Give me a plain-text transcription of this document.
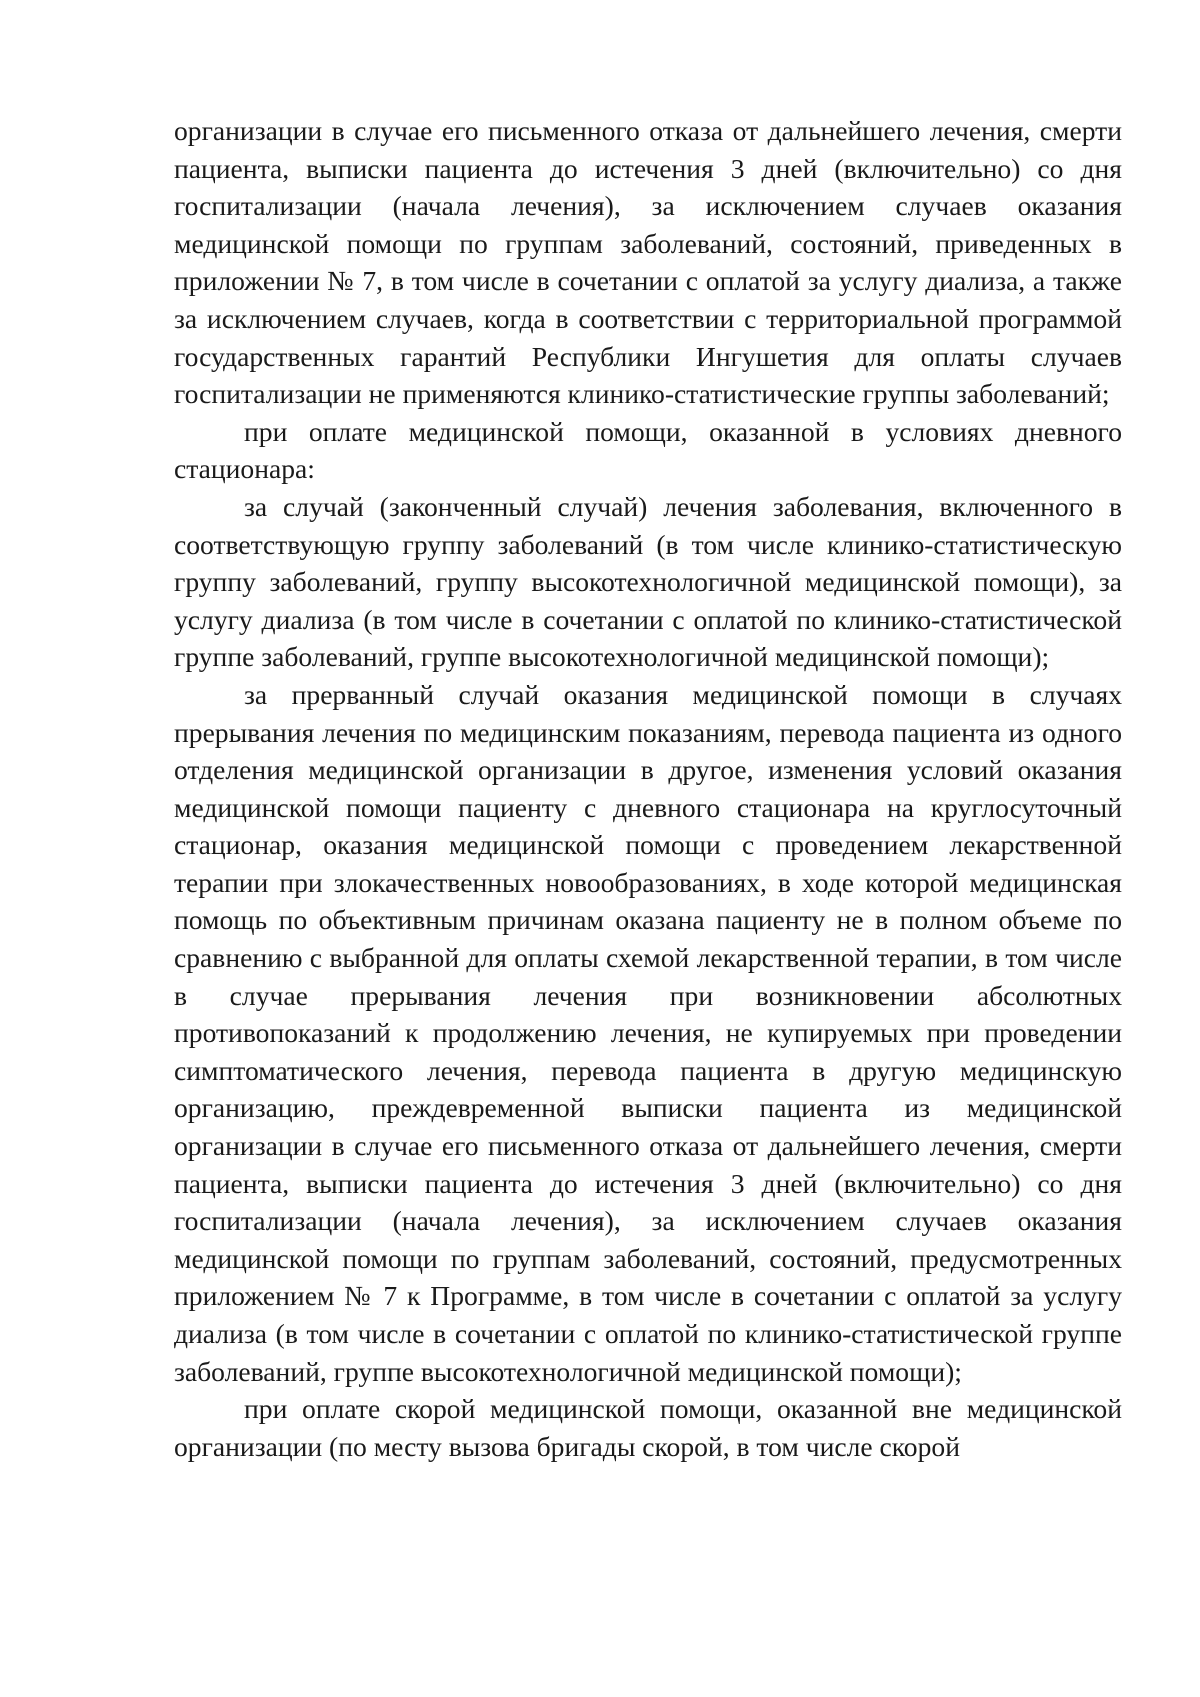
организации в случае его письменного отказа от дальнейшего лечения, смерти пациента, выписки пациента до истечения 3 дней (включительно) со дня госпитализации (начала лечения), за исключением случаев оказания медицинской помощи по группам заболеваний, состояний, приведенных в приложении № 7, в том числе в сочетании с оплатой за услугу диализа, а также за исключением случаев, когда в соответствии с территориальной программой государственных гарантий Республики Ингушетия для оплаты случаев госпитализации не применяются клинико-статистические группы заболеваний;

при оплате медицинской помощи, оказанной в условиях дневного стационара:

за случай (законченный случай) лечения заболевания, включенного в соответствующую группу заболеваний (в том числе клинико-статистическую группу заболеваний, группу высокотехнологичной медицинской помощи), за услугу диализа (в том числе в сочетании с оплатой по клинико-статистической группе заболеваний, группе высокотехнологичной медицинской помощи);

за прерванный случай оказания медицинской помощи в случаях прерывания лечения по медицинским показаниям, перевода пациента из одного отделения медицинской организации в другое, изменения условий оказания медицинской помощи пациенту с дневного стационара на круглосуточный стационар, оказания медицинской помощи с проведением лекарственной терапии при злокачественных новообразованиях, в ходе которой медицинская помощь по объективным причинам оказана пациенту не в полном объеме по сравнению с выбранной для оплаты схемой лекарственной терапии, в том числе в случае прерывания лечения при возникновении абсолютных противопоказаний к продолжению лечения, не купируемых при проведении симптоматического лечения, перевода пациента в другую медицинскую организацию, преждевременной выписки пациента из медицинской организации в случае его письменного отказа от дальнейшего лечения, смерти пациента, выписки пациента до истечения 3 дней (включительно) со дня госпитализации (начала лечения), за исключением случаев оказания медицинской помощи по группам заболеваний, состояний, предусмотренных приложением № 7 к Программе, в том числе в сочетании с оплатой за услугу диализа (в том числе в сочетании с оплатой по клинико-статистической группе заболеваний, группе высокотехнологичной медицинской помощи);

при оплате скорой медицинской помощи, оказанной вне медицинской организации (по месту вызова бригады скорой, в том числе скорой
